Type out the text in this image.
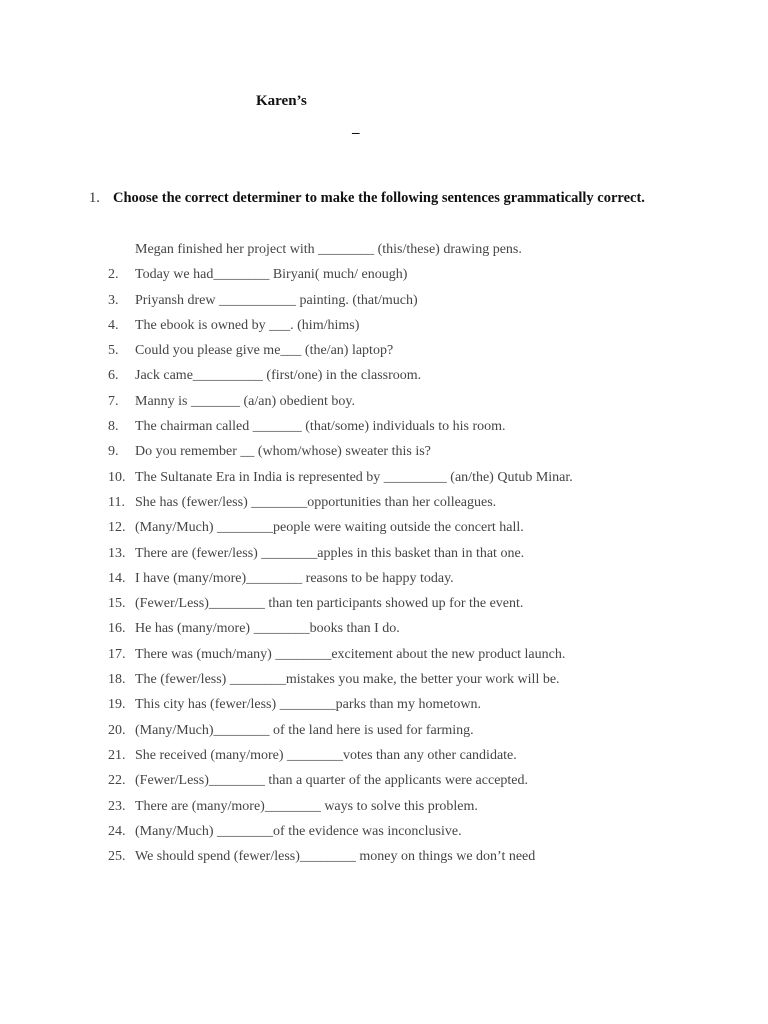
Karen’s
–
1. Choose the correct determiner to make the following sentences grammatically correct.
Megan finished her project with ________ (this/these) drawing pens.
2.	Today we had________ Biryani( much/ enough)
3.	Priyansh drew ___________ painting. (that/much)
4.	The ebook is owned by ___. (him/hims)
5.	Could you please give me___ (the/an) laptop?
6.	Jack came__________ (first/one) in the classroom.
7.	Manny is _______ (a/an) obedient boy.
8.	The chairman called _______ (that/some) individuals to his room.
9.	Do you remember __ (whom/whose) sweater this is?
10. The Sultanate Era in India is represented by _________ (an/the) Qutub Minar.
11. She has (fewer/less) ________opportunities than her colleagues.
12. (Many/Much) ________people were waiting outside the concert hall.
13. There are (fewer/less) ________apples in this basket than in that one.
14. I have (many/more)________ reasons to be happy today.
15. (Fewer/Less)________ than ten participants showed up for the event.
16. He has (many/more) ________books than I do.
17. There was (much/many) ________excitement about the new product launch.
18. The (fewer/less) ________mistakes you make, the better your work will be.
19. This city has (fewer/less) ________parks than my hometown.
20. (Many/Much)________ of the land here is used for farming.
21. She received (many/more) ________votes than any other candidate.
22. (Fewer/Less)________ than a quarter of the applicants were accepted.
23. There are (many/more)________ ways to solve this problem.
24. (Many/Much) ________of the evidence was inconclusive.
25. We should spend (fewer/less)________ money on things we don’t need
